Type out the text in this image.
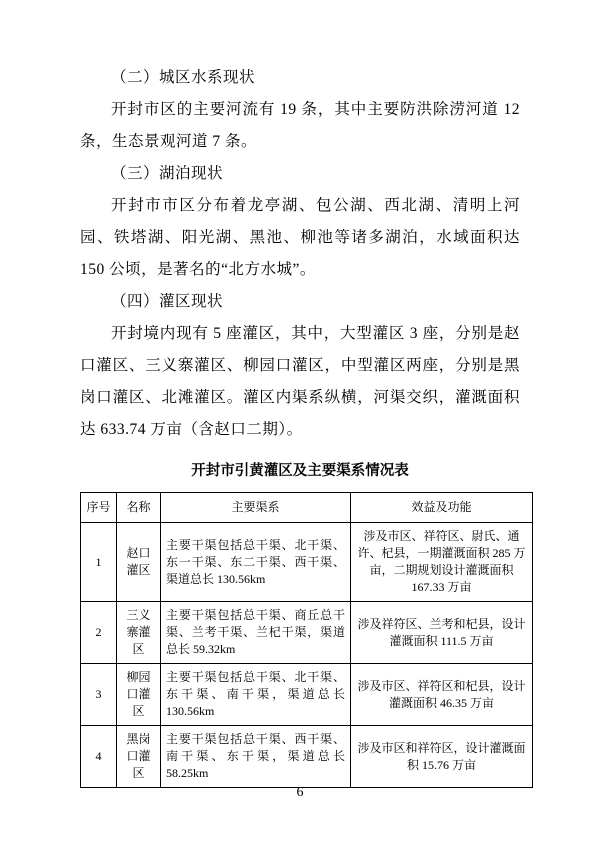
（二）城区水系现状

开封市区的主要河流有 19 条，其中主要防洪除涝河道 12 条，生态景观河道 7 条。

（三）湖泊现状

开封市市区分布着龙亭湖、包公湖、西北湖、清明上河园、铁塔湖、阳光湖、黑池、柳池等诸多湖泊，水域面积达 150 公顷，是著名的“北方水城”。

（四）灌区现状

开封境内现有 5 座灌区，其中，大型灌区 3 座，分别是赵口灌区、三义寨灌区、柳园口灌区，中型灌区两座，分别是黑岗口灌区、北滩灌区。灌区内渠系纵横，河渠交织，灌溉面积达 633.74 万亩（含赵口二期）。

开封市引黄灌区及主要渠系情况表

序号	名称	主要渠系	效益及功能
1	赵口灌区	主要干渠包括总干渠、北干渠、东一干渠、东二干渠、西干渠、渠道总长 130.56km	涉及市区、祥符区、尉氏、通许、杞县，一期灌溉面积 285 万亩，二期规划设计灌溉面积 167.33 万亩
2	三义寨灌区	主要干渠包括总干渠、商丘总干渠、兰考干渠、兰杞干渠，渠道总长 59.32km	涉及祥符区、兰考和杞县，设计灌溉面积 111.5 万亩
3	柳园口灌区	主要干渠包括总干渠、北干渠、东干渠、南干渠，渠道总长 130.56km	涉及市区、祥符区和杞县，设计灌溉面积 46.35 万亩
4	黑岗口灌区	主要干渠包括总干渠、西干渠、南干渠、东干渠，渠道总长 58.25km	涉及市区和祥符区，设计灌溉面积 15.76 万亩
6
